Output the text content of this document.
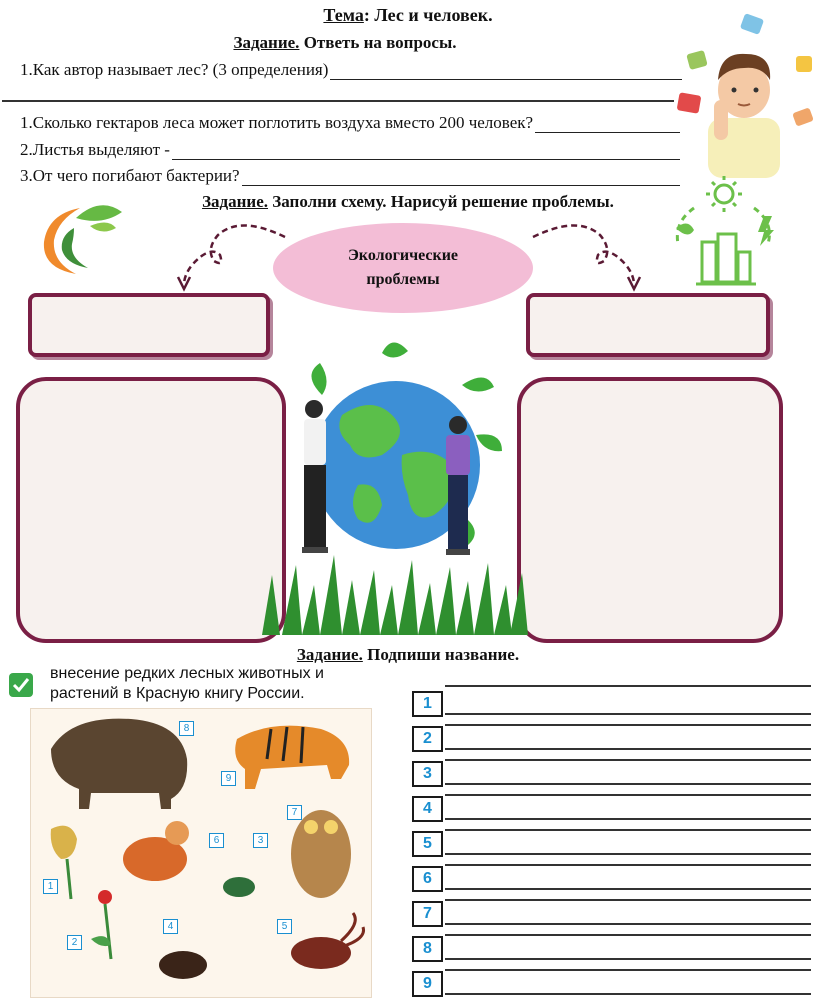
Тема: Лес и человек.
Задание. Ответь на вопросы.
1.Как автор называет лес? (3 определения)
1.Сколько гектаров леса может поглотить воздуха вместо 200 человек?
2.Листья выделяют -
3.От чего погибают бактерии?
Задание. Заполни схему. Нарисуй решение проблемы.
Экологические
проблемы
Задание. Подпиши название.
внесение редких лесных животных и
растений в Красную книгу России.
8
9
7
6	3
1
2
4	5
1
2
3
4
5
6
7
8
9
